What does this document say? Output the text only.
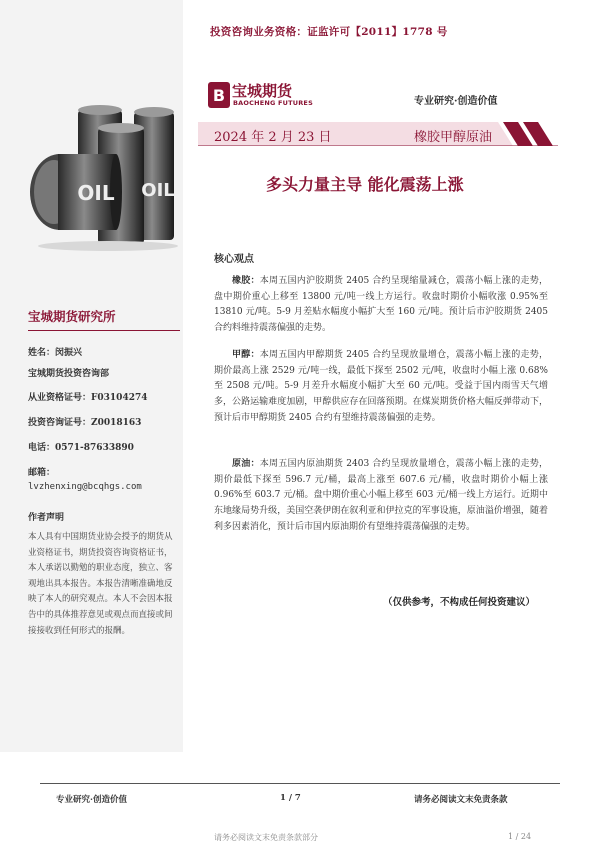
投资咨询业务资格：证监许可【2011】1778 号
B 宝城期货
BAOCHENG FUTURES	专业研究·创造价值
2024 年 2 月 23 日	橡胶甲醇原油
多头力量主导 能化震荡上涨
OIL OIL
宝城期货研究所
姓名：闵振兴
宝城期货投资咨询部
从业资格证号：F03104274
投资咨询证号：Z0018163
电话：0571-87633890
邮箱：
lvzhenxing@bcqhgs.com
作者声明
本人具有中国期货业协会授予的期货从业资格证书，期货投资咨询资格证书，本人承诺以勤勉的职业态度，独立、客观地出具本报告。本报告清晰准确地反映了本人的研究观点。本人不会因本报告中的具体推荐意见或观点而直接或间接接收到任何形式的报酬。
核心观点
橡胶：本周五国内沪胶期货 2405 合约呈现缩量减仓，震荡小幅上涨的走势，盘中期价重心上移至 13800 元/吨一线上方运行。收盘时期价小幅收涨 0.95%至 13810 元/吨。5-9 月差贴水幅度小幅扩大至 160 元/吨。预计后市沪胶期货 2405 合约料维持震荡偏强的走势。
甲醇：本周五国内甲醇期货 2405 合约呈现放量增仓，震荡小幅上涨的走势，期价最高上涨 2529 元/吨一线，最低下探至 2502 元/吨，收盘时小幅上涨 0.68%至 2508 元/吨。5-9 月差升水幅度小幅扩大至 60 元/吨。受益于国内雨雪天气增多，公路运输难度加剧，甲醇供应存在回落预期。在煤炭期货价格大幅反弹带动下，预计后市甲醇期货 2405 合约有望维持震荡偏强的走势。
原油：本周五国内原油期货 2403 合约呈现放量增仓，震荡小幅上涨的走势，期价最低下探至 596.7 元/桶，最高上涨至 607.6 元/桶，收盘时期价小幅上涨 0.96%至 603.7 元/桶。盘中期价重心小幅上移至 603 元/桶一线上方运行。近期中东地缘局势升级，美国空袭伊朗在叙利亚和伊拉克的军事设施，原油溢价增强，随着利多因素消化，预计后市国内原油期价有望维持震荡偏强的走势。
（仅供参考，不构成任何投资建议）
专业研究·创造价值	1 / 7	请务必阅读文末免责条款
请务必阅读文末免责条款部分	1 / 24
